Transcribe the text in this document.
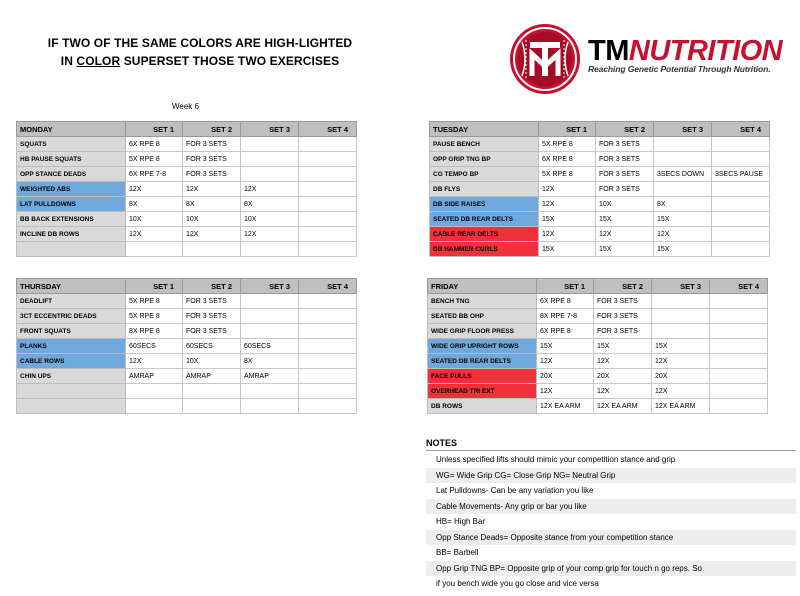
IF TWO OF THE SAME COLORS ARE HIGH-LIGHTED
IN COLOR SUPERSET THOSE TWO EXERCISES	TMNUTRITION
Reaching Genetic Potential Through Nutrition.
Week 6
MONDAY	SET 1	SET 2	SET 3	SET 4
SQUATS	6X RPE 8	FOR 3 SETS		
HB PAUSE SQUATS	5X RPE 8	FOR 3 SETS		
OPP STANCE DEADS	6X RPE 7-8	FOR 3 SETS		
WEIGHTED ABS	12X	12X	12X	
LAT PULLDOWNS	8X	8X	8X	
BB BACK EXTENSIONS	10X	10X	10X	
INCLINE DB ROWS	12X	12X	12X	

TUESDAY	SET 1	SET 2	SET 3	SET 4
PAUSE BENCH	5X RPE 8	FOR 3 SETS		
OPP GRIP TNG BP	6X RPE 8	FOR 3 SETS		
CG TEMPO BP	5X RPE 8	FOR 3 SETS	3SECS DOWN	3SECS PAUSE
DB FLYS	12X	FOR 3 SETS		
DB SIDE RAISES	12X	10X	8X	
SEATED DB REAR DELTS	15X	15X	15X	
CABLE REAR DELTS	12X	12X	12X	
DB HAMMER CURLS	15X	15X	15X	
THURSDAY	SET 1	SET 2	SET 3	SET 4
DEADLIFT	5X RPE 8	FOR 3 SETS		
3CT ECCENTRIC DEADS	5X RPE 8	FOR 3 SETS		
FRONT SQUATS	8X RPE 8	FOR 3 SETS		
PLANKS	60SECS	60SECS	60SECS	
CABLE ROWS	12X	10X	8X	
CHIN UPS	AMRAP	AMRAP	AMRAP	

FRIDAY	SET 1	SET 2	SET 3	SET 4
BENCH TNG	6X RPE 8	FOR 3 SETS		
SEATED BB OHP	8X RPE 7-8	FOR 3 SETS		
WIDE GRIP FLOOR PRESS	6X RPE 8	FOR 3 SETS		
WIDE GRIP UPRIGHT ROWS	15X	15X	15X	
SEATED DB REAR DELTS	12X	12X	12X	
FACE PULLS	20X	20X	20X	
OVERHEAD TRI EXT	12X	12X	12X	
DB ROWS	12X EA ARM	12X EA ARM	12X EA ARM	
NOTES
Unless specified lifts should mimic your competition stance and grip
WG= Wide Grip CG= Close Grip NG= Neutral Grip
Lat Pulldowns- Can be any variation you like
Cable Movements- Any grip or bar you like
HB= High Bar
Opp Stance Deads= Opposite stance from your competition stance
BB= Barbell
Opp Grip TNG BP= Opposite grip of your comp grip for touch n go reps. So
if you bench wide you go close and vice versa
